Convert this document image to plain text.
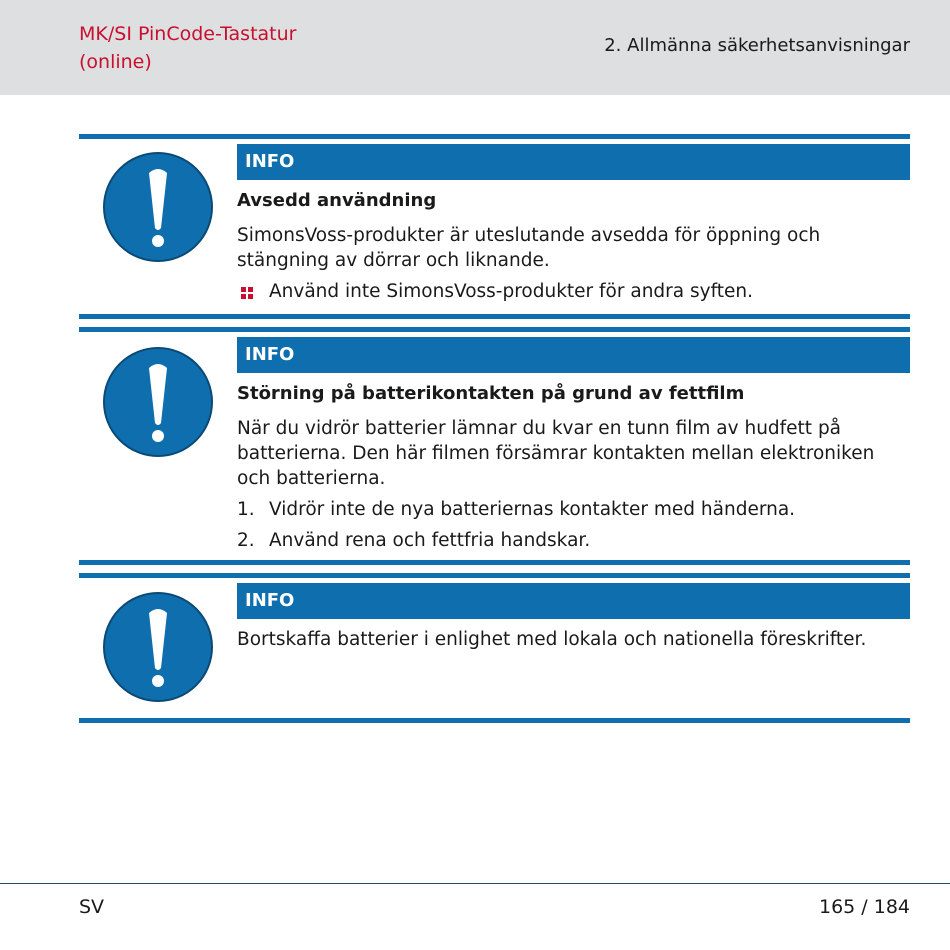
MK/SI PinCode-Tastatur
(online)
2. Allmänna säkerhetsanvisningar
INFO

Avsedd användning

SimonsVoss-produkter är uteslutande avsedda för öppning och stängning av dörrar och liknande.

Använd inte SimonsVoss-produkter för andra syften.
INFO

Störning på batterikontakten på grund av fettfilm

När du vidrör batterier lämnar du kvar en tunn film av hudfett på batterierna. Den här filmen försämrar kontakten mellan elektroniken och batterierna.

1. Vidrör inte de nya batteriernas kontakter med händerna.
2. Använd rena och fettfria handskar.
INFO

Bortskaffa batterier i enlighet med lokala och nationella föreskrifter.

SV	165 / 184
